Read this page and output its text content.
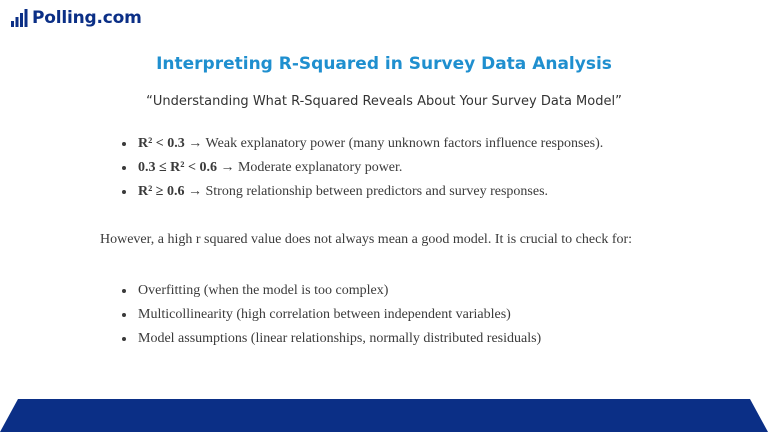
Polling.com
Interpreting R-Squared in Survey Data Analysis

“Understanding What R-Squared Reveals About Your Survey Data Model”

• R² < 0.3 → Weak explanatory power (many unknown factors influence responses).
• 0.3 ≤ R² < 0.6 → Moderate explanatory power.
• R² ≥ 0.6 → Strong relationship between predictors and survey responses.

However, a high r squared value does not always mean a good model. It is crucial to check for:

• Overfitting (when the model is too complex)
• Multicollinearity (high correlation between independent variables)
• Model assumptions (linear relationships, normally distributed residuals)
